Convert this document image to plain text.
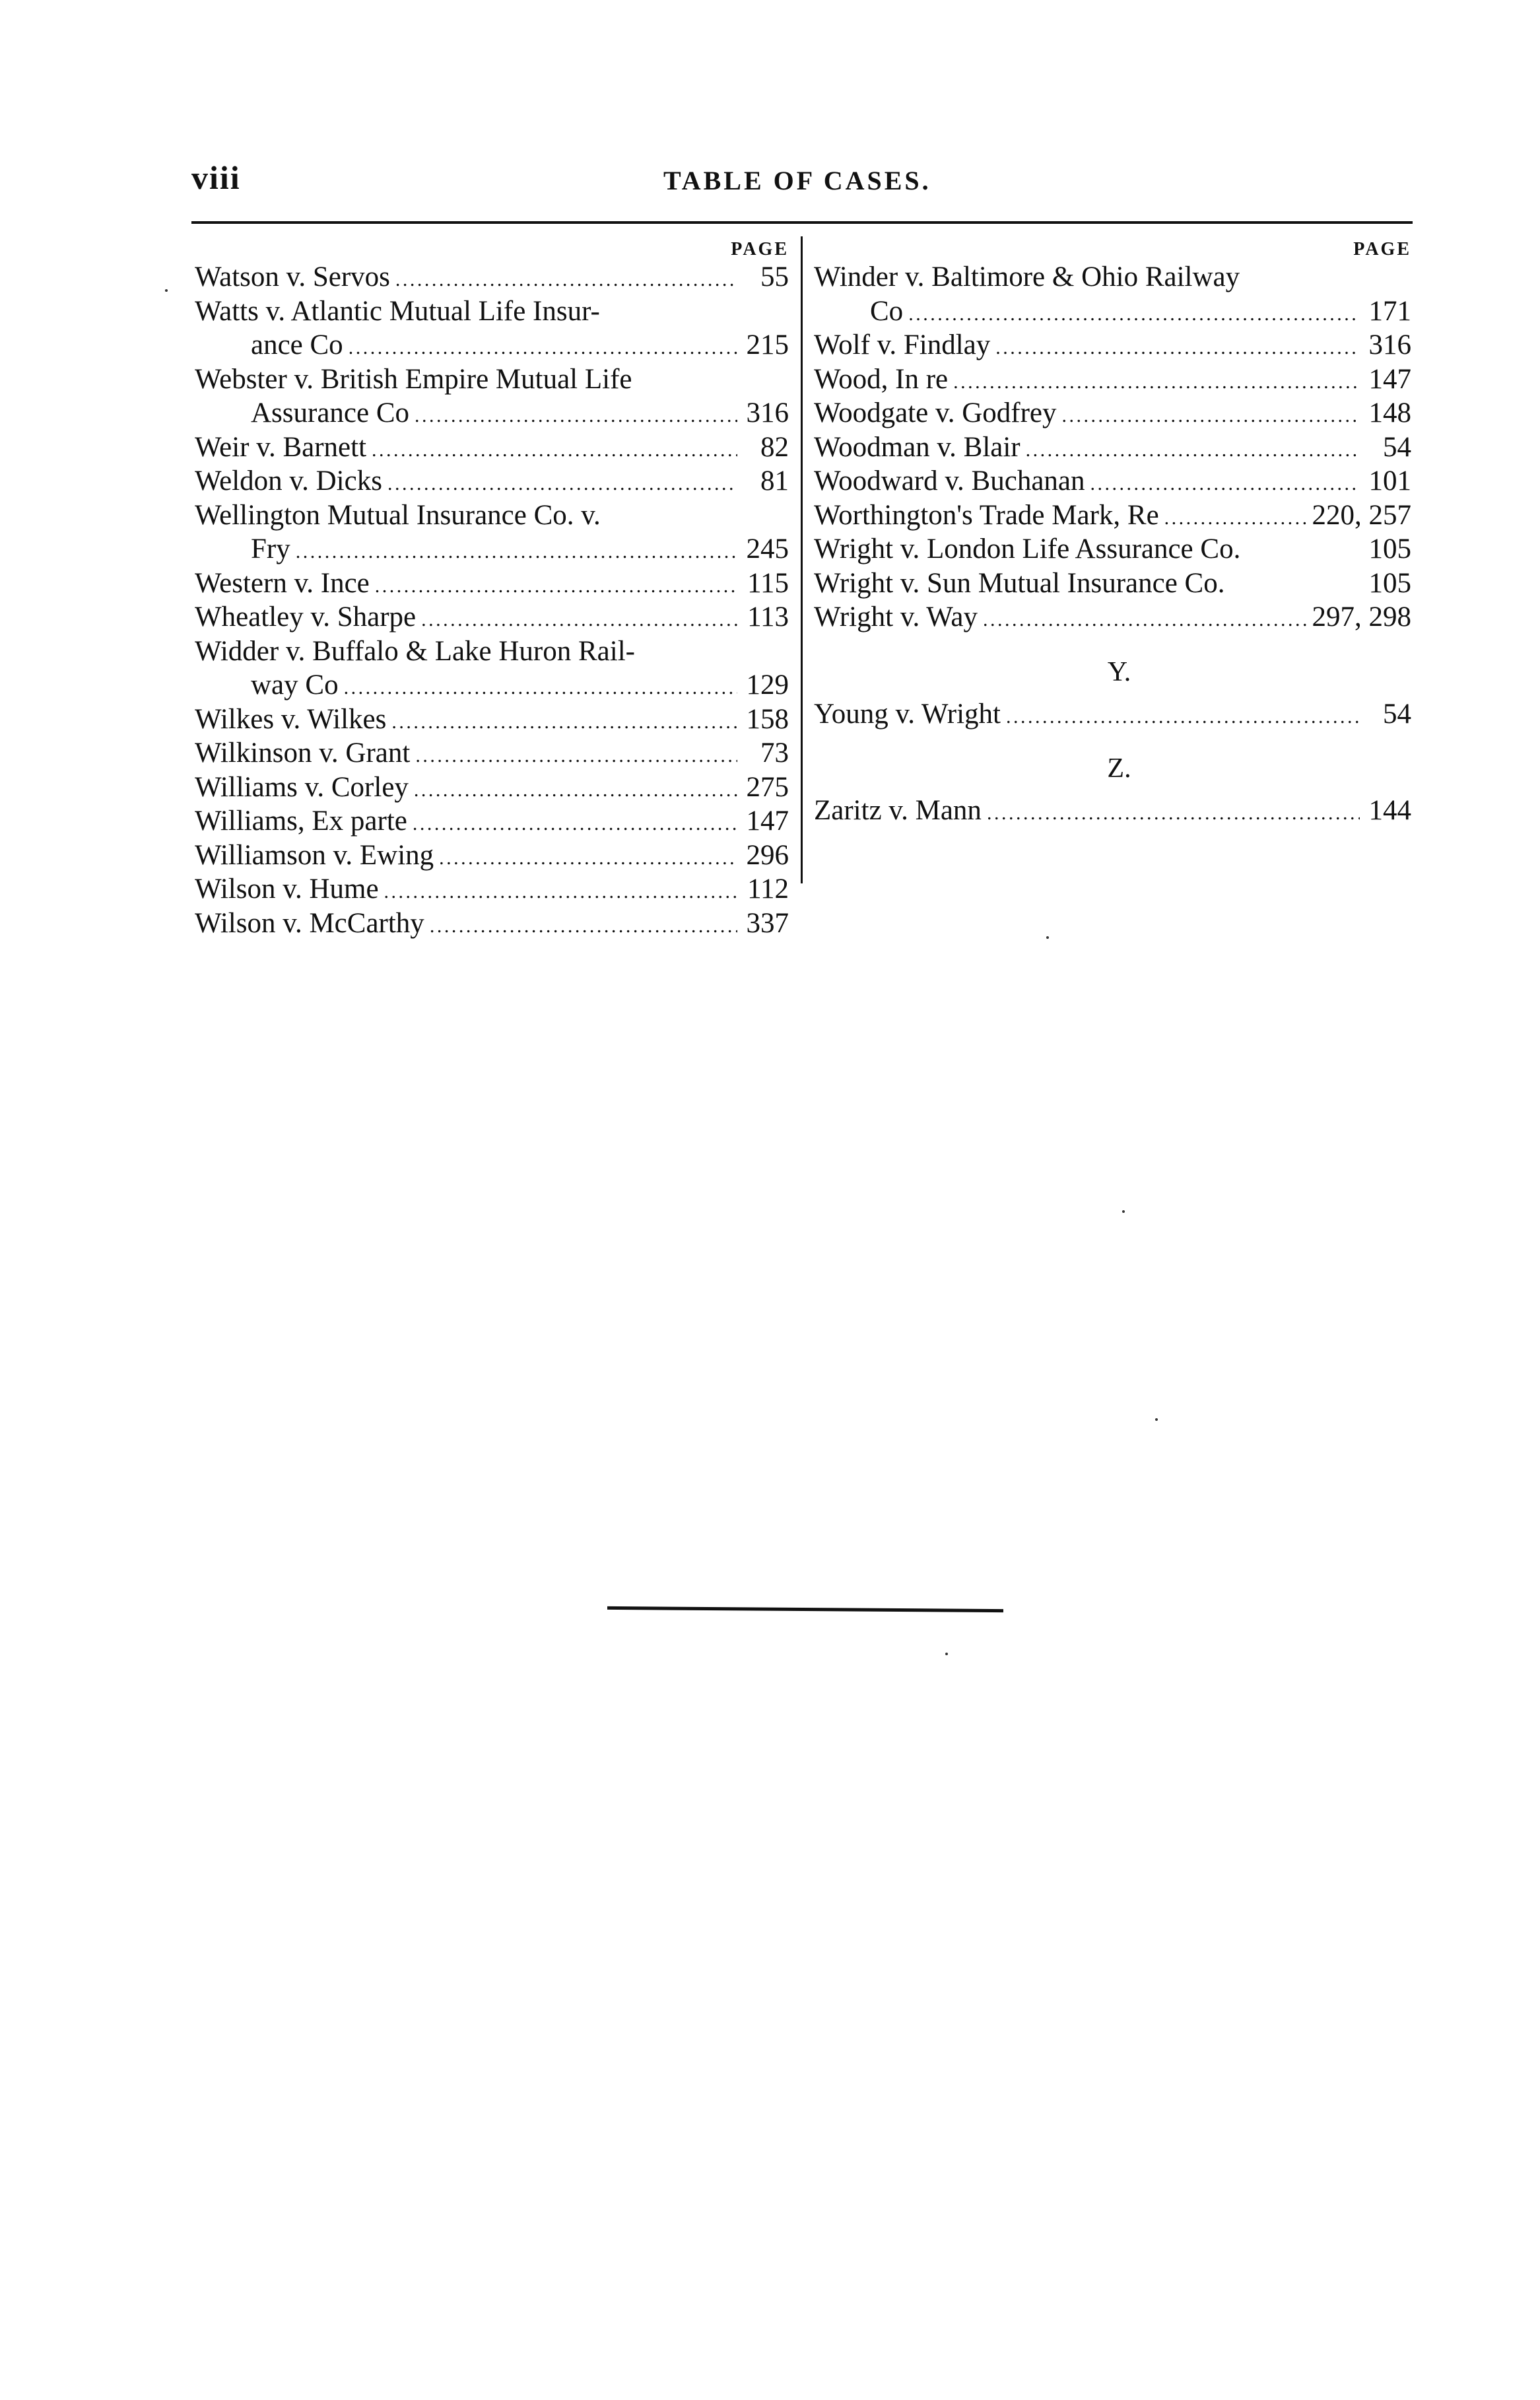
viii	TABLE OF CASES.
PAGE
Watson v. Servos . . .	55
Watts v. Atlantic Mutual Life Insur-
ance Co . . .	215
Webster v. British Empire Mutual Life
Assurance Co . . .	316
Weir v. Barnett . . .	82
Weldon v. Dicks . . .	81
Wellington Mutual Insurance Co. v.
Fry . . .	245
Western v. Ince . . .	115
Wheatley v. Sharpe . . .	113
Widder v. Buffalo & Lake Huron Rail-
way Co . . .	129
Wilkes v. Wilkes . . .	158
Wilkinson v. Grant . . .	73
Williams v. Corley . . .	275
Williams, Ex parte . . .	147
Williamson v. Ewing . . .	296
Wilson v. Hume . . .	112
Wilson v. McCarthy . . .	337
PAGE
Winder v. Baltimore & Ohio Railway
Co . . .	171
Wolf v. Findlay . . .	316
Wood, In re . . .	147
Woodgate v. Godfrey . . .	148
Woodman v. Blair . . .	54
Woodward v. Buchanan . . .	101
Worthington's Trade Mark, Re . . .	220, 257
Wright v. London Life Assurance Co.	105
Wright v. Sun Mutual Insurance Co.	105
Wright v. Way . . .	297, 298
Y.
Young v. Wright . . .	54
Z.
Zaritz v. Mann . . .	144
